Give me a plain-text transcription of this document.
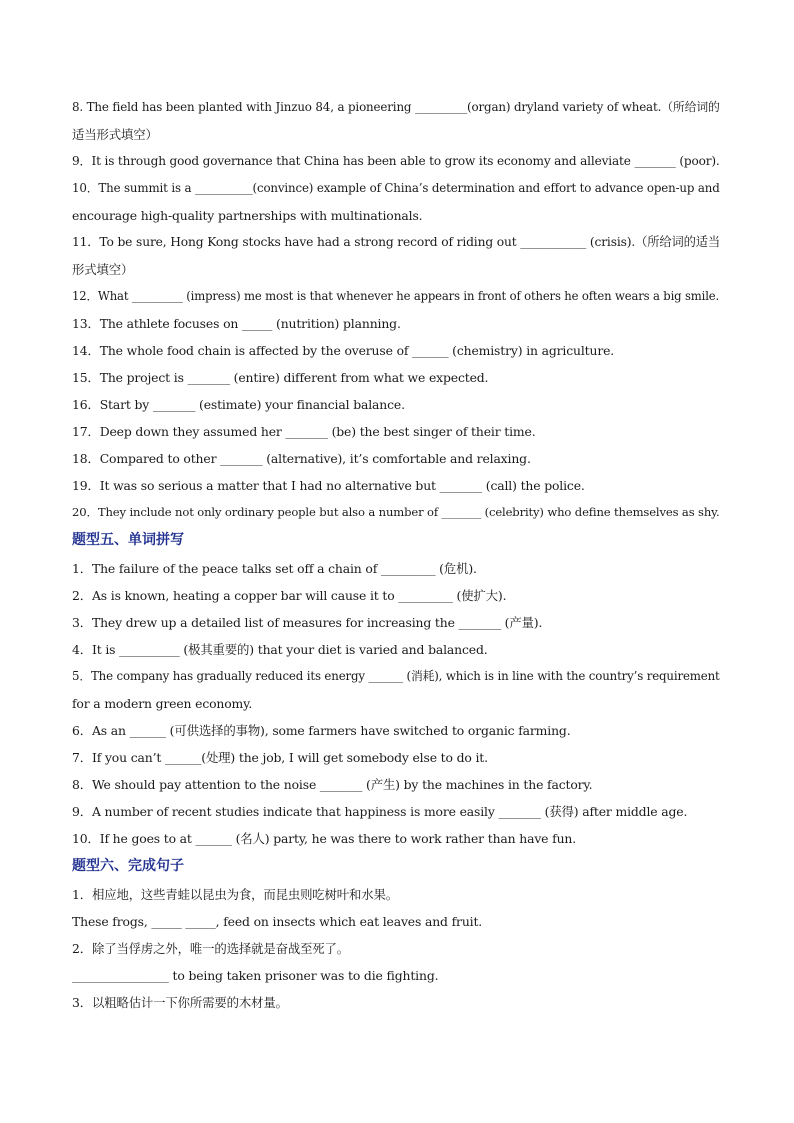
8. The field has been planted with Jinzuo 84, a pioneering _________(organ) dryland variety of wheat.（所给词的
适当形式填空）
9．It is through good governance that China has been able to grow its economy and alleviate _______ (poor).
10．The summit is a __________(convince) example of China’s determination and effort to advance open-up and
encourage high-quality partnerships with multinationals.
11．To be sure, Hong Kong stocks have had a strong record of riding out ___________ (crisis).（所给词的适当
形式填空）
12．What _________ (impress) me most is that whenever he appears in front of others he often wears a big smile.
13．The athlete focuses on _____ (nutrition) planning.
14．The whole food chain is affected by the overuse of ______ (chemistry) in agriculture.
15．The project is _______ (entire) different from what we expected.
16．Start by _______ (estimate) your financial balance.
17．Deep down they assumed her _______ (be) the best singer of their time.
18．Compared to other _______ (alternative), it’s comfortable and relaxing.
19．It was so serious a matter that I had no alternative but _______ (call) the police.
20．They include not only ordinary people but also a number of _______ (celebrity) who define themselves as shy.
题型五、单词拼写
1．The failure of the peace talks set off a chain of _________ (危机).
2．As is known, heating a copper bar will cause it to _________ (使扩大).
3．They drew up a detailed list of measures for increasing the _______ (产量).
4．It is __________ (极其重要的) that your diet is varied and balanced.
5．The company has gradually reduced its energy ______ (消耗), which is in line with the country’s requirement
for a modern green economy.
6．As an ______ (可供选择的事物), some farmers have switched to organic farming.
7．If you can’t ______(处理) the job, I will get somebody else to do it.
8．We should pay attention to the noise _______ (产生) by the machines in the factory.
9．A number of recent studies indicate that happiness is more easily _______ (获得) after middle age.
10．If he goes to at ______ (名人) party, he was there to work rather than have fun.
题型六、完成句子
1．相应地，这些青蛙以昆虫为食，而昆虫则吃树叶和水果。
These frogs, _____ _____, feed on insects which eat leaves and fruit.
2．除了当俘虏之外，唯一的选择就是奋战至死了。
________________ to being taken prisoner was to die fighting.
3．以粗略估计一下你所需要的木材量。
